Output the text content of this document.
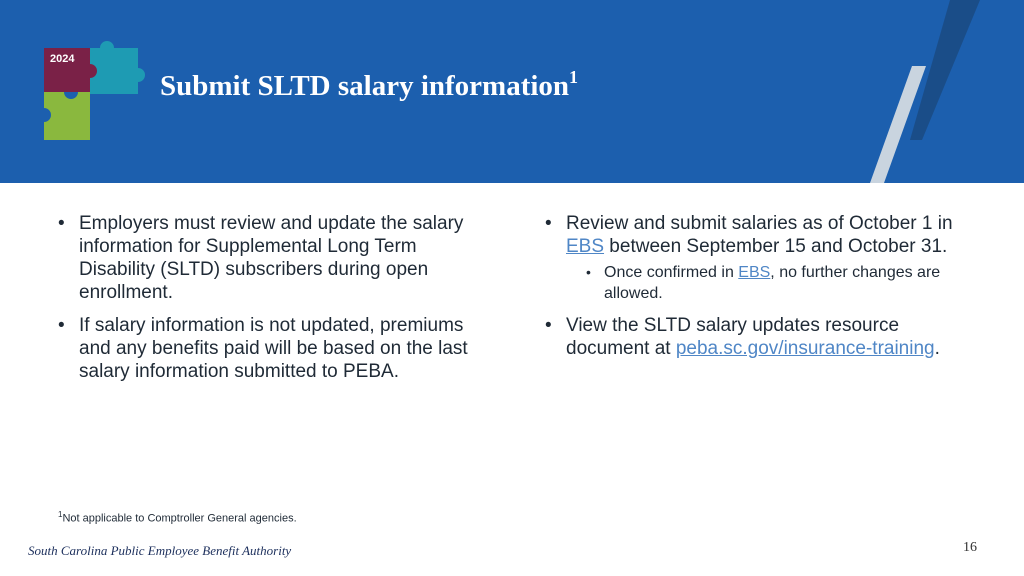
2024
Submit SLTD salary information$^1$
• Employers must review and update the salary information for Supplemental Long Term Disability (SLTD) subscribers during open enrollment.
• If salary information is not updated, premiums and any benefits paid will be based on the last salary information submitted to PEBA.
• Review and submit salaries as of October 1 in EBS between September 15 and October 31.
• Once confirmed in EBS, no further changes are allowed.
• View the SLTD salary updates resource document at peba.sc.gov/insurance-training.
$^1$Not applicable to Comptroller General agencies.
South Carolina Public Employee Benefit Authority	16
